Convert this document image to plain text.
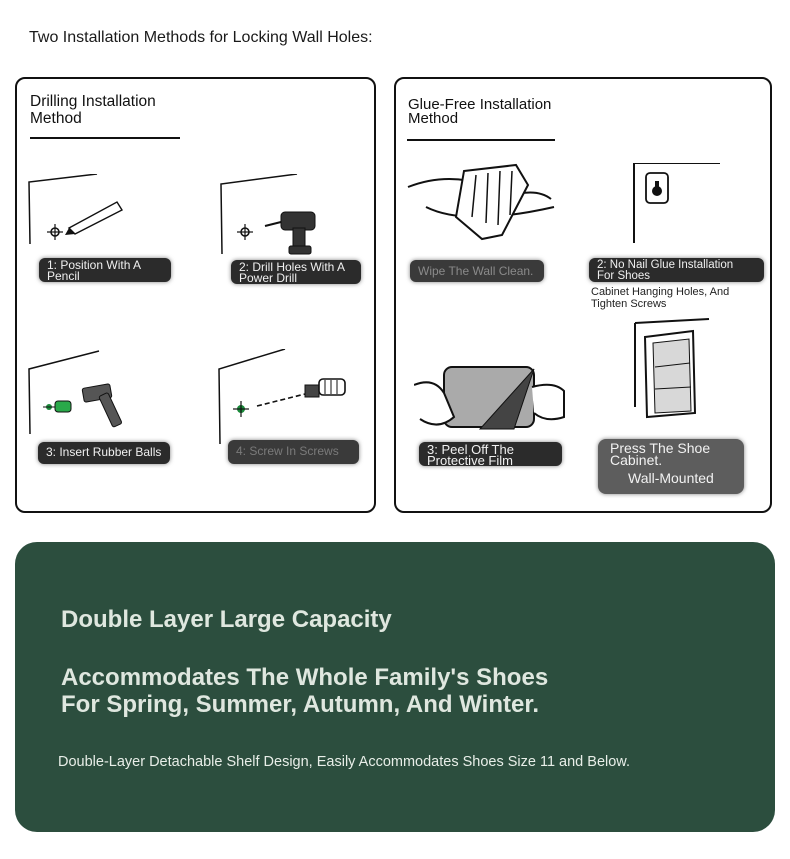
Two Installation Methods for Locking Wall Holes:
Drilling Installation
Method
1: Position With A
Pencil
2: Drill Holes With A
Power Drill
3: Insert Rubber Balls	4: Screw In Screws
Glue-Free Installation
Method
Wipe The Wall Clean.	2: No Nail Glue Installation
For Shoes
Cabinet Hanging Holes, And
Tighten Screws
3: Peel Off The
Protective Film
Press The Shoe
Cabinet.
Wall-Mounted
Double Layer Large Capacity
Accommodates The Whole Family's Shoes
For Spring, Summer, Autumn, And Winter.
Double-Layer Detachable Shelf Design, Easily Accommodates Shoes Size 11 and Below.
